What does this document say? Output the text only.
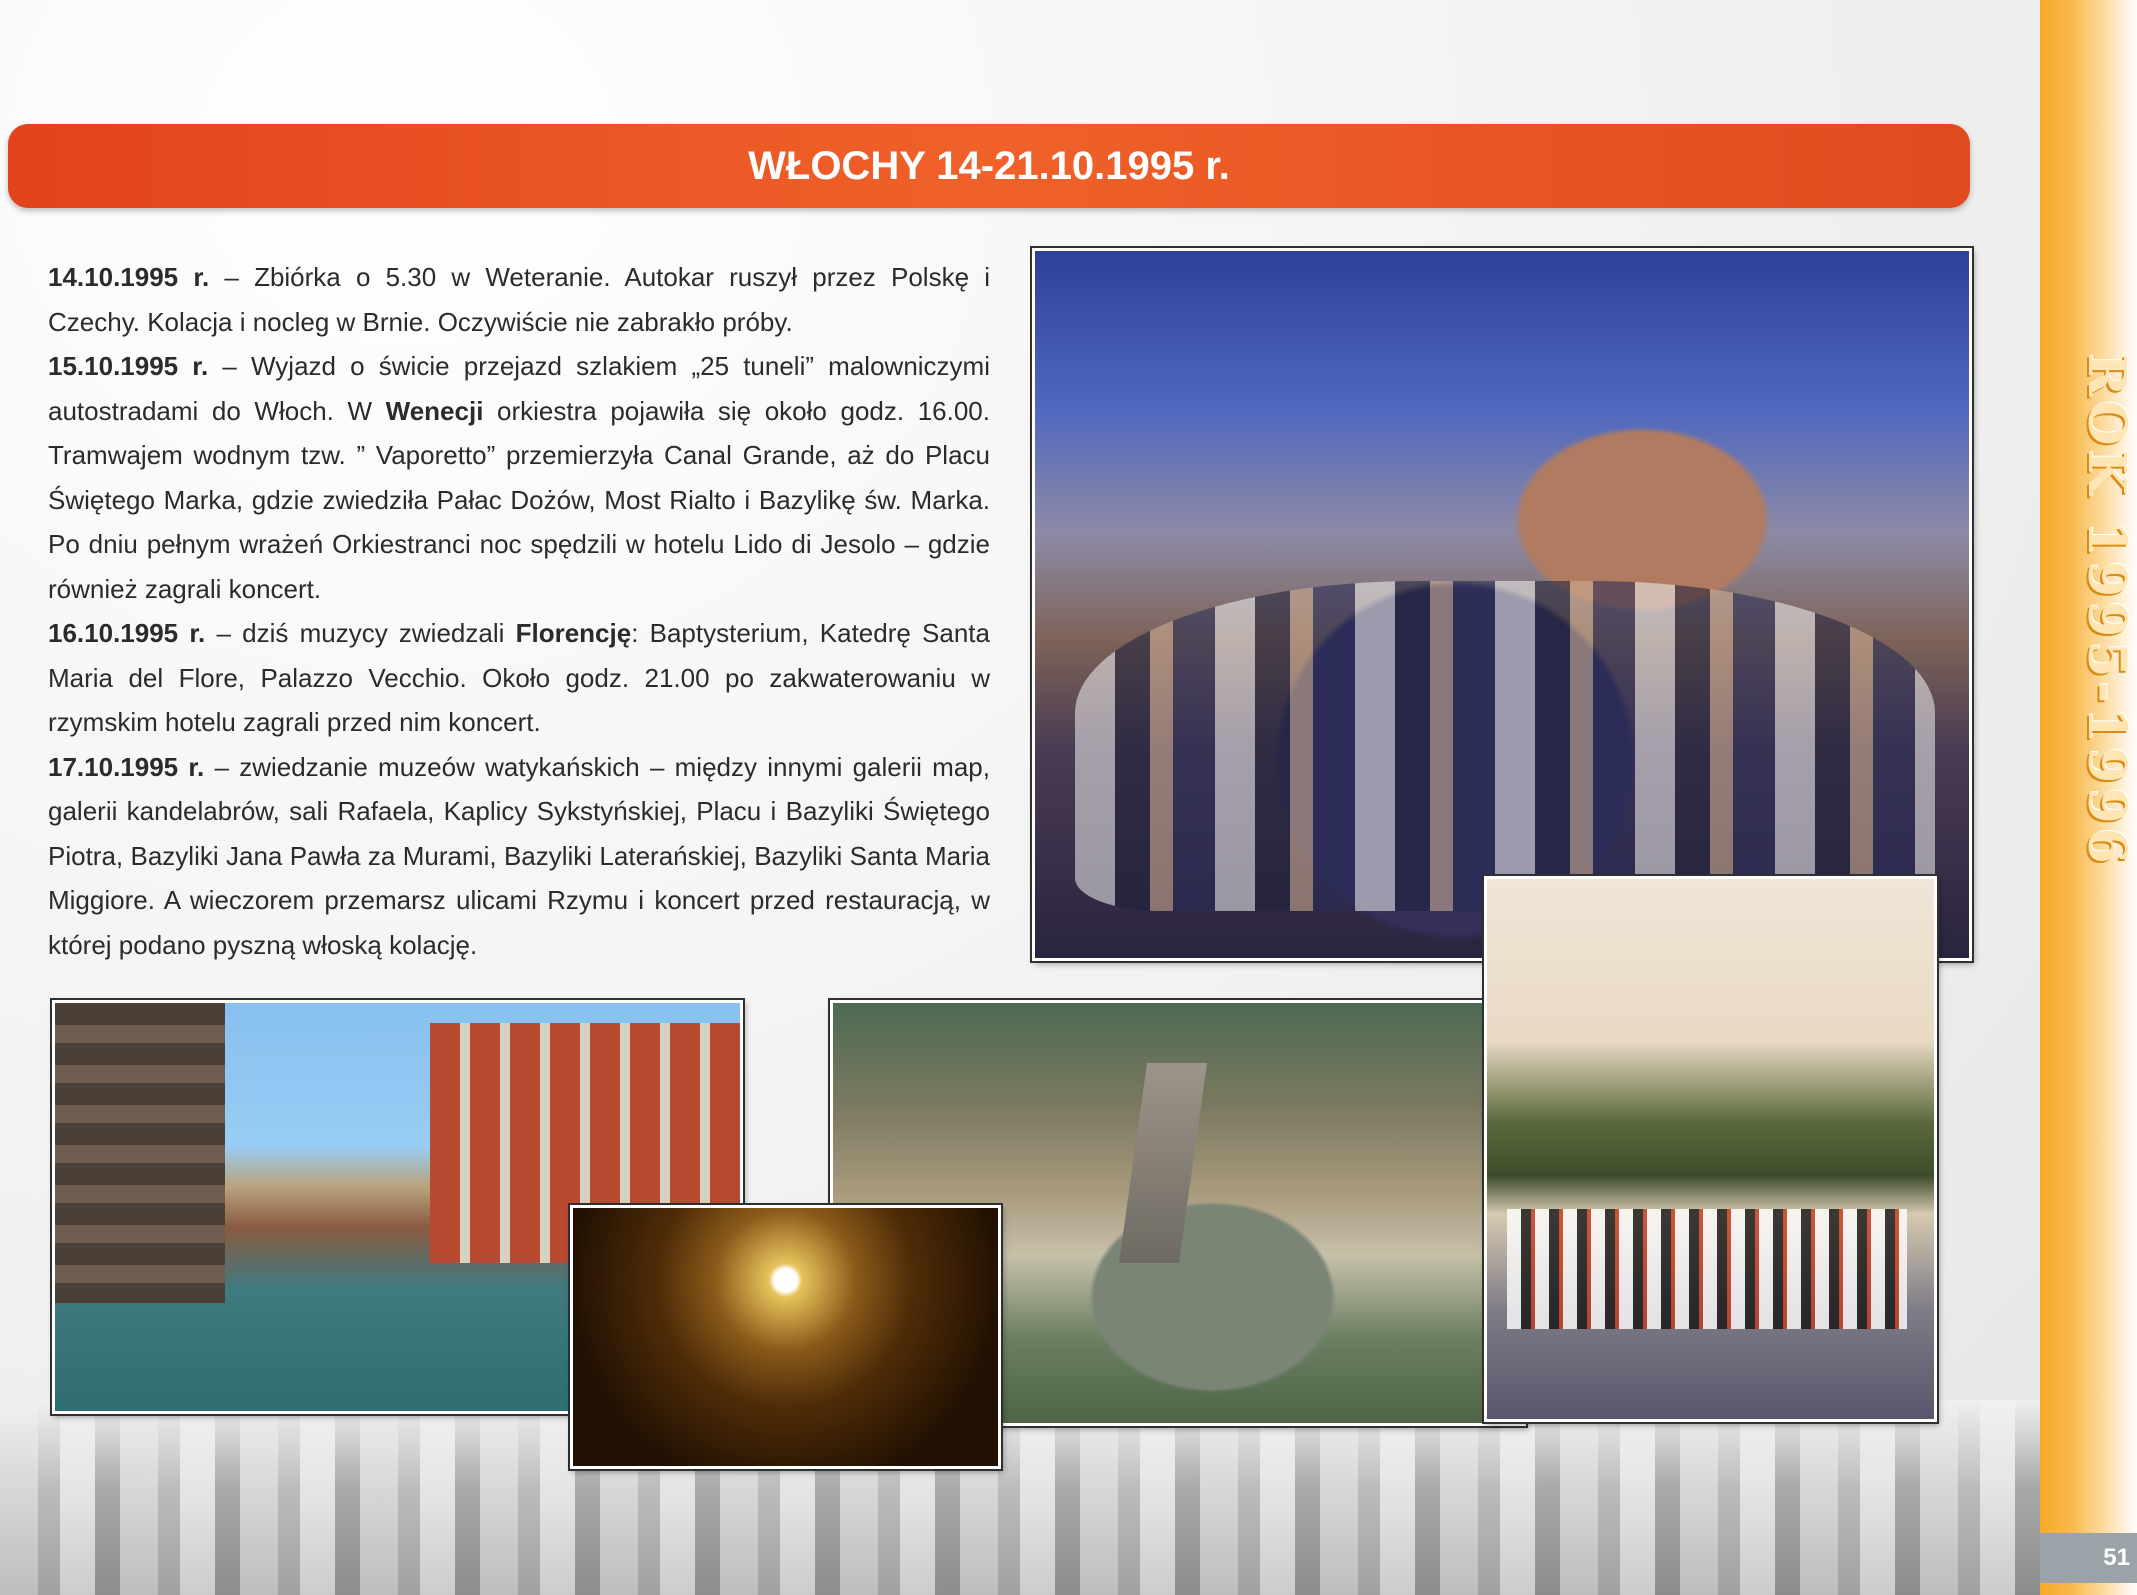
ROK 1995-1996
51
WŁOCHY 14-21.10.1995 r.

14.10.1995 r. – Zbiórka o 5.30 w Weteranie. Autokar ruszył przez Polskę i Czechy. Kolacja i nocleg w Brnie. Oczywiście nie zabrakło próby.

15.10.1995 r. – Wyjazd o świcie przejazd szlakiem „25 tuneli” malowniczymi autostradami do Włoch. W Wenecji orkiestra pojawiła się około godz. 16.00. Tramwajem wodnym tzw. ” Vaporetto” przemierzyła Canal Grande, aż do Placu Świętego Marka, gdzie zwiedziła Pałac Dożów, Most Rialto i Bazylikę św. Marka. Po dniu pełnym wrażeń Orkiestranci noc spędzili w hotelu Lido di Jesolo – gdzie również zagrali koncert.

16.10.1995 r. – dziś muzycy zwiedzali Florencję: Baptysterium, Katedrę Santa Maria del Flore, Palazzo Vecchio. Około godz. 21.00 po zakwaterowaniu w rzymskim hotelu zagrali przed nim koncert.

17.10.1995 r. – zwiedzanie muzeów watykańskich – między innymi galerii map, galerii kandelabrów, sali Rafaela, Kaplicy Sykstyńskiej, Placu i Bazyliki Świętego Piotra, Bazyliki Jana Pawła za Murami, Bazyliki Laterańskiej, Bazyliki Santa Maria Miggiore. A wieczorem przemarsz ulicami Rzymu i koncert przed restauracją, w której podano pyszną włoską kolację.
